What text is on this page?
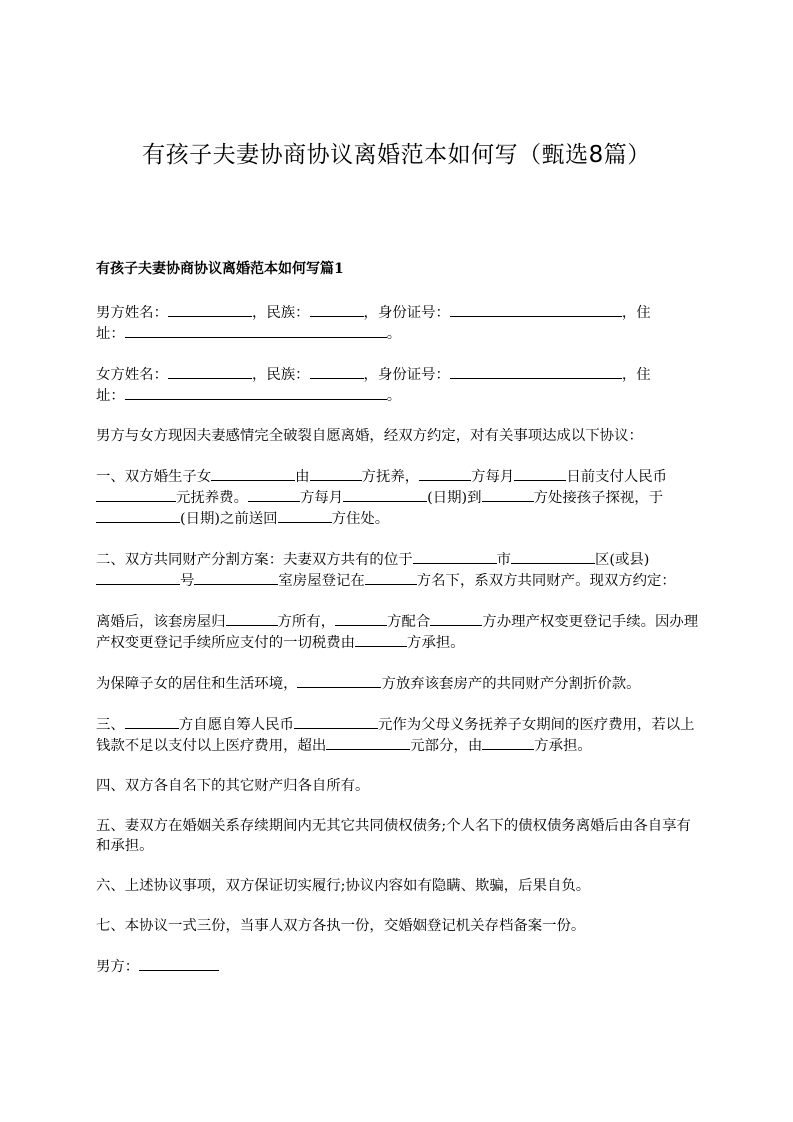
有孩子夫妻协商协议离婚范本如何写（甄选8篇）
有孩子夫妻协商协议离婚范本如何写篇1

男方姓名：	，民族：	，身份证号：	，住
址：	。

女方姓名：	，民族：	，身份证号：	，住
址：	。

男方与女方现因夫妻感情完全破裂自愿离婚，经双方约定，对有关事项达成以下协议：

一、双方婚生子女	由	方抚养，	方每月	日前支付人民币元抚养费。	方每月	(日期)到	方处接孩子探视，于(日期)之前送回	方住处。

二、双方共同财产分割方案：夫妻双方共有的位于	市	区(或县)
号	室房屋登记在	方名下，系双方共同财产。现双方约定：

离婚后，该套房屋归	方所有，	方配合	方办理产权变更登记手续。因办理产权变更登记手续所应支付的一切税费由	方承担。

为保障子女的居住和生活环境，	方放弃该套房产的共同财产分割折价款。

三、	方自愿自筹人民币	元作为父母义务抚养子女期间的医疗费用，若以上钱款不足以支付以上医疗费用，超出	元部分，由	方承担。

四、双方各自名下的其它财产归各自所有。

五、妻双方在婚姻关系存续期间内无其它共同债权债务;个人名下的债权债务离婚后由各自享有和承担。

六、上述协议事项，双方保证切实履行;协议内容如有隐瞒、欺骗，后果自负。

七、本协议一式三份，当事人双方各执一份，交婚姻登记机关存档备案一份。

男方：
